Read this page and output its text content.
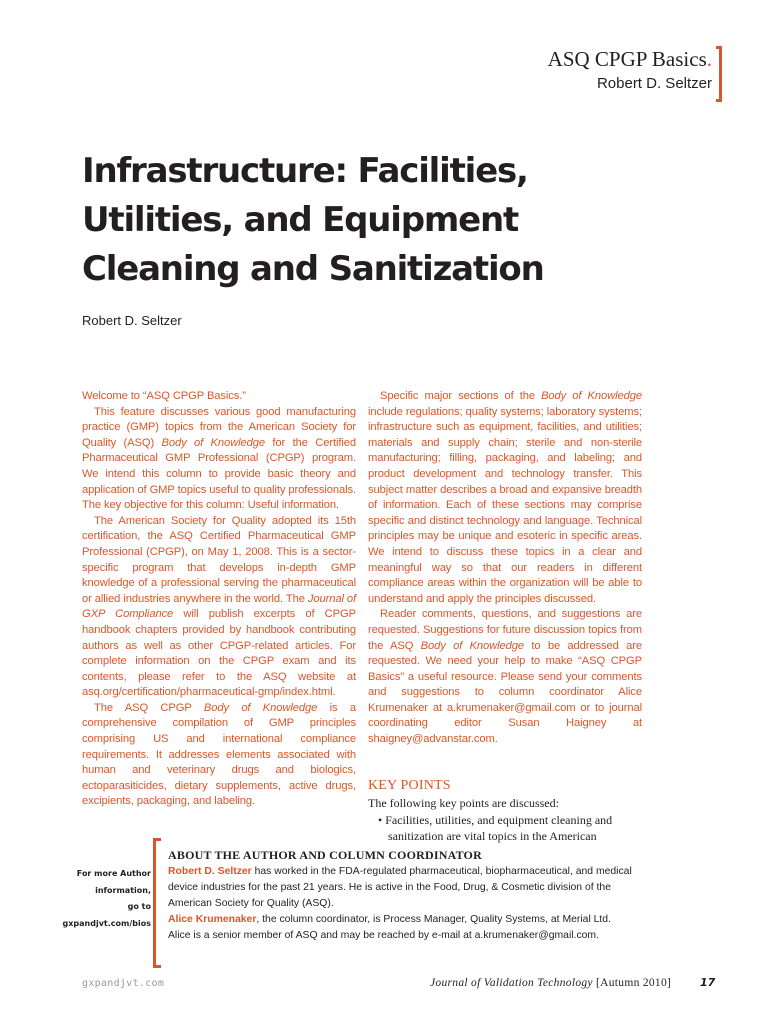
ASQ CPGP Basics.
Robert D. Seltzer
Infrastructure: Facilities,
Utilities, and Equipment
Cleaning and Sanitization
Robert D. Seltzer

Welcome to “ASQ CPGP Basics.”

This feature discusses various good manufacturing practice (GMP) topics from the American Society for Quality (ASQ) Body of Knowledge for the Certified Pharmaceutical GMP Professional (CPGP) program. We intend this column to provide basic theory and application of GMP topics useful to quality professionals. The key objective for this column: Useful information.

The American Society for Quality adopted its 15th certification, the ASQ Certified Pharmaceutical GMP Professional (CPGP), on May 1, 2008. This is a sector-specific program that develops in-depth GMP knowledge of a professional serving the pharmaceutical or allied industries anywhere in the world. The Journal of GXP Compliance will publish excerpts of CPGP handbook chapters provided by handbook contributing authors as well as other CPGP-related articles. For complete information on the CPGP exam and its contents, please refer to the ASQ website at asq.org/certification/pharmaceutical-gmp/index.html.

The ASQ CPGP Body of Knowledge is a comprehensive compilation of GMP principles comprising US and international compliance requirements. It addresses elements associated with human and veterinary drugs and biologics, ectoparasiticides, dietary supplements, active drugs, excipients, packaging, and labeling.

Specific major sections of the Body of Knowledge include regulations; quality systems; laboratory systems; infrastructure such as equipment, facilities, and utilities; materials and supply chain; sterile and non-sterile manufacturing; filling, packaging, and labeling; and product development and technology transfer. This subject matter describes a broad and expansive breadth of information. Each of these sections may comprise specific and distinct technology and language. Technical principles may be unique and esoteric in specific areas. We intend to discuss these topics in a clear and meaningful way so that our readers in different compliance areas within the organization will be able to understand and apply the principles discussed.

Reader comments, questions, and suggestions are requested. Suggestions for future discussion topics from the ASQ Body of Knowledge to be addressed are requested. We need your help to make “ASQ CPGP Basics” a useful resource. Please send your comments and suggestions to column coordinator Alice Krumenaker at a.krumenaker@gmail.com or to journal coordinating editor Susan Haigney at shaigney@advanstar.com.

KEY POINTS
The following key points are discussed:
• Facilities, utilities, and equipment cleaning and
sanitization are vital topics in the American
For more Author
information,
go to
gxpandjvt.com/bios
ABOUT THE AUTHOR AND COLUMN COORDINATOR
Robert D. Seltzer has worked in the FDA-regulated pharmaceutical, biopharmaceutical, and medical device industries for the past 21 years. He is active in the Food, Drug, & Cosmetic division of the American Society for Quality (ASQ).
Alice Krumenaker, the column coordinator, is Process Manager, Quality Systems, at Merial Ltd. Alice is a senior member of ASQ and may be reached by e-mail at a.krumenaker@gmail.com.
gxpandjvt.com	Journal of Validation Technology [Autumn 2010]	17
